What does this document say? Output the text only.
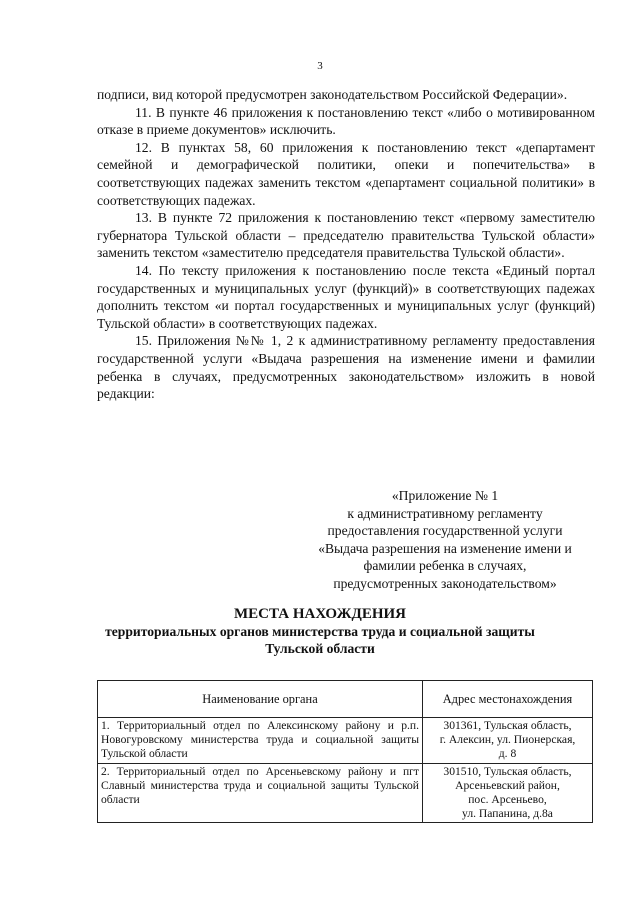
3

подписи, вид которой предусмотрен законодательством Российской Федерации».

11. В пункте 46 приложения к постановлению текст «либо о мотивированном отказе в приеме документов» исключить.

12. В пунктах 58, 60 приложения к постановлению текст «департамент семейной и демографической политики, опеки и попечительства» в соответствующих падежах заменить текстом «департамент социальной политики» в соответствующих падежах.

13. В пункте 72 приложения к постановлению текст «первому заместителю губернатора Тульской области – председателю правительства Тульской области» заменить текстом «заместителю председателя правительства Тульской области».

14. По тексту приложения к постановлению после текста «Единый портал государственных и муниципальных услуг (функций)» в соответствующих падежах дополнить текстом «и портал государственных и муниципальных услуг (функций) Тульской области» в соответствующих падежах.

15. Приложения №№ 1, 2 к административному регламенту предоставления государственной услуги «Выдача разрешения на изменение имени и фамилии ребенка в случаях, предусмотренных законодательством» изложить в новой редакции:

«Приложение № 1
к административному регламенту
предоставления государственной услуги
«Выдача разрешения на изменение имени и
фамилии ребенка в случаях,
предусмотренных законодательством»
МЕСТА НАХОЖДЕНИЯ
территориальных органов министерства труда и социальной защиты
Тульской области
Наименование органа	Адрес местонахождения
1. Территориальный отдел по Алексинскому району и р.п. Новогуровскому министерства труда и социальной защиты Тульской области	301361, Тульская область,
г. Алексин, ул. Пионерская,
д. 8

2. Территориальный отдел по Арсеньевскому району и пгт Славный министерства труда и социальной защиты Тульской области	301510, Тульская область,
Арсеньевский район,
пос. Арсеньево,
ул. Папанина, д.8а
